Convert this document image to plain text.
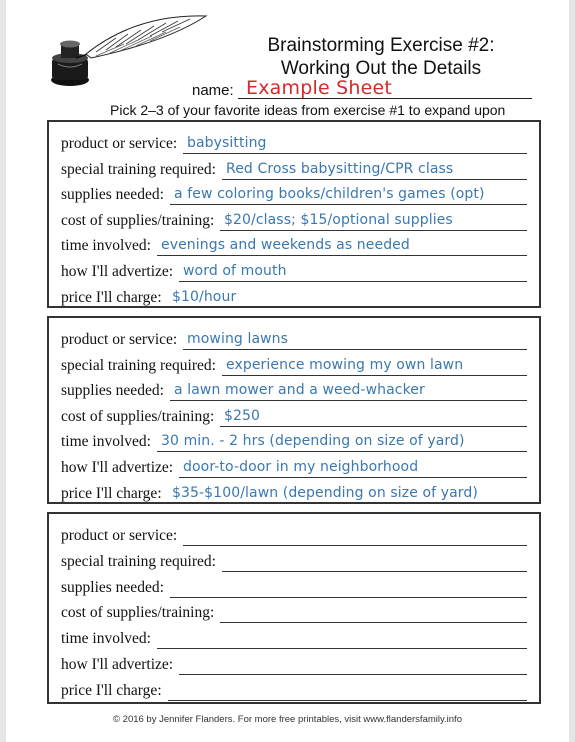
Brainstorming Exercise #2:
Working Out the Details
name: Example Sheet
Pick 2–3 of your favorite ideas from exercise #1 to expand upon
product or service: babysitting
special training required: Red Cross babysitting/CPR class
supplies needed: a few coloring books/children's games (opt)
cost of supplies/training: $20/class; $15/optional supplies
time involved: evenings and weekends as needed
how I'll advertize: word of mouth
price I'll charge: $10/hour
product or service: mowing lawns
special training required: experience mowing my own lawn
supplies needed: a lawn mower and a weed-whacker
cost of supplies/training: $250
time involved: 30 min. - 2 hrs (depending on size of yard)
how I'll advertize: door-to-door in my neighborhood
price I'll charge: $35-$100/lawn (depending on size of yard)
product or service:
special training required:
supplies needed:
cost of supplies/training:
time involved:
how I'll advertize:
price I'll charge:
© 2016 by Jennifer Flanders. For more free printables, visit www.flandersfamily.info
